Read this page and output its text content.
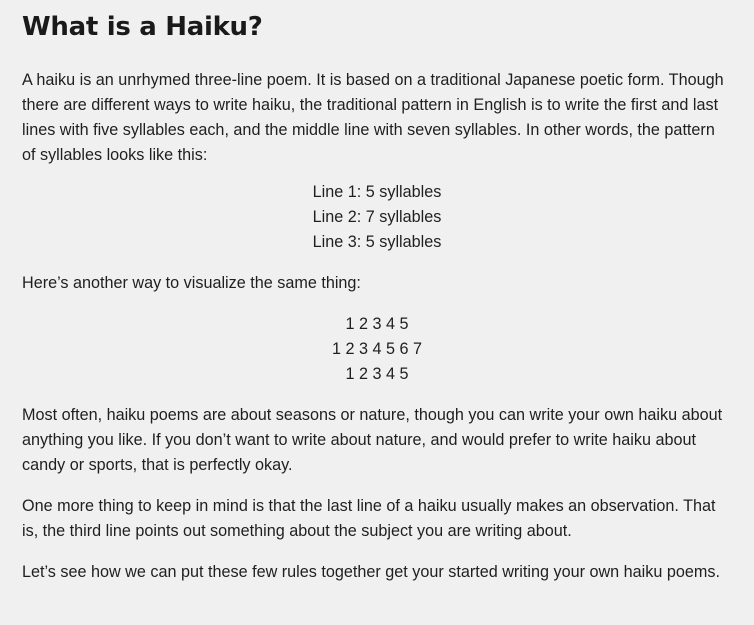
What is a Haiku?

A haiku is an unrhymed three-line poem. It is based on a traditional Japanese poetic form. Though there are different ways to write haiku, the traditional pattern in English is to write the first and last lines with five syllables each, and the middle line with seven syllables. In other words, the pattern of syllables looks like this:

Line 1: 5 syllables
Line 2: 7 syllables
Line 3: 5 syllables

Here’s another way to visualize the same thing:

1 2 3 4 5
1 2 3 4 5 6 7
1 2 3 4 5

Most often, haiku poems are about seasons or nature, though you can write your own haiku about anything you like. If you don’t want to write about nature, and would prefer to write haiku about candy or sports, that is perfectly okay.

One more thing to keep in mind is that the last line of a haiku usually makes an observation. That is, the third line points out something about the subject you are writing about.

Let’s see how we can put these few rules together get your started writing your own haiku poems.
